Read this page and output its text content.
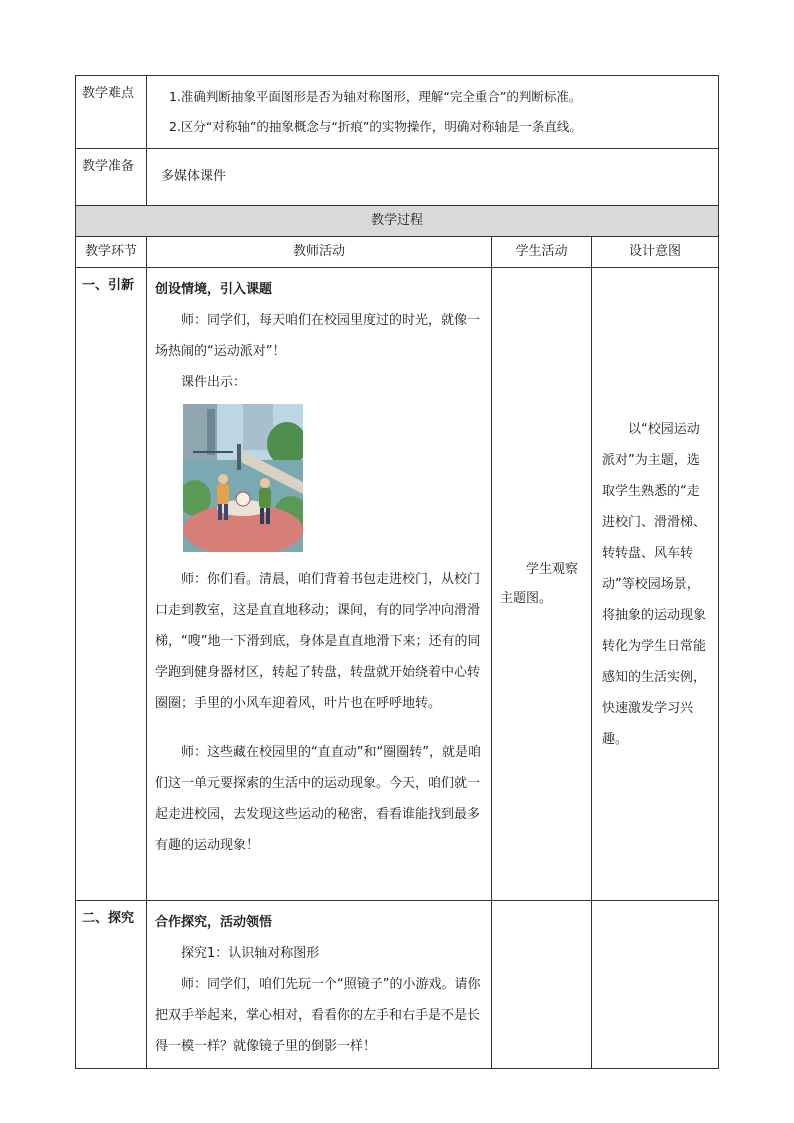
教学难点	1.准确判断抽象平面图形是否为轴对称图形，理解“完全重合”的判断标准。

2.区分“对称轴”的抽象概念与“折痕”的实物操作，明确对称轴是一条直线。		

教学准备	多媒体课件		
教学过程			
教学环节	教师活动	学生活动	设计意图
一、引新	创设情境，引入课题

师：同学们，每天咱们在校园里度过的时光，就像一场热闹的“运动派对”！

课件出示：

师：你们看。清晨，咱们背着书包走进校门，从校门口走到教室，这是直直地移动；课间，有的同学冲向滑滑梯，“嗖”地一下滑到底，身体是直直地滑下来；还有的同学跑到健身器材区，转起了转盘，转盘就开始绕着中心转圈圈；手里的小风车迎着风，叶片也在呼呼地转。

师：这些藏在校园里的“直直动”和“圈圈转”，就是咱们这一单元要探索的生活中的运动现象。今天，咱们就一起走进校园，去发现这些运动的秘密，看看谁能找到最多有趣的运动现象！	学生观察主题图。	以“校园运动派对”为主题，选取学生熟悉的“走进校门、滑滑梯、转转盘、风车转动”等校园场景，将抽象的运动现象转化为学生日常能感知的生活实例，快速激发学习兴趣。

二、探究	合作探究，活动领悟

探究1：认识轴对称图形

师：同学们，咱们先玩一个“照镜子”的小游戏。请你把双手举起来，掌心相对，看看你的左手和右手是不是长得一模一样？就像镜子里的倒影一样！		
